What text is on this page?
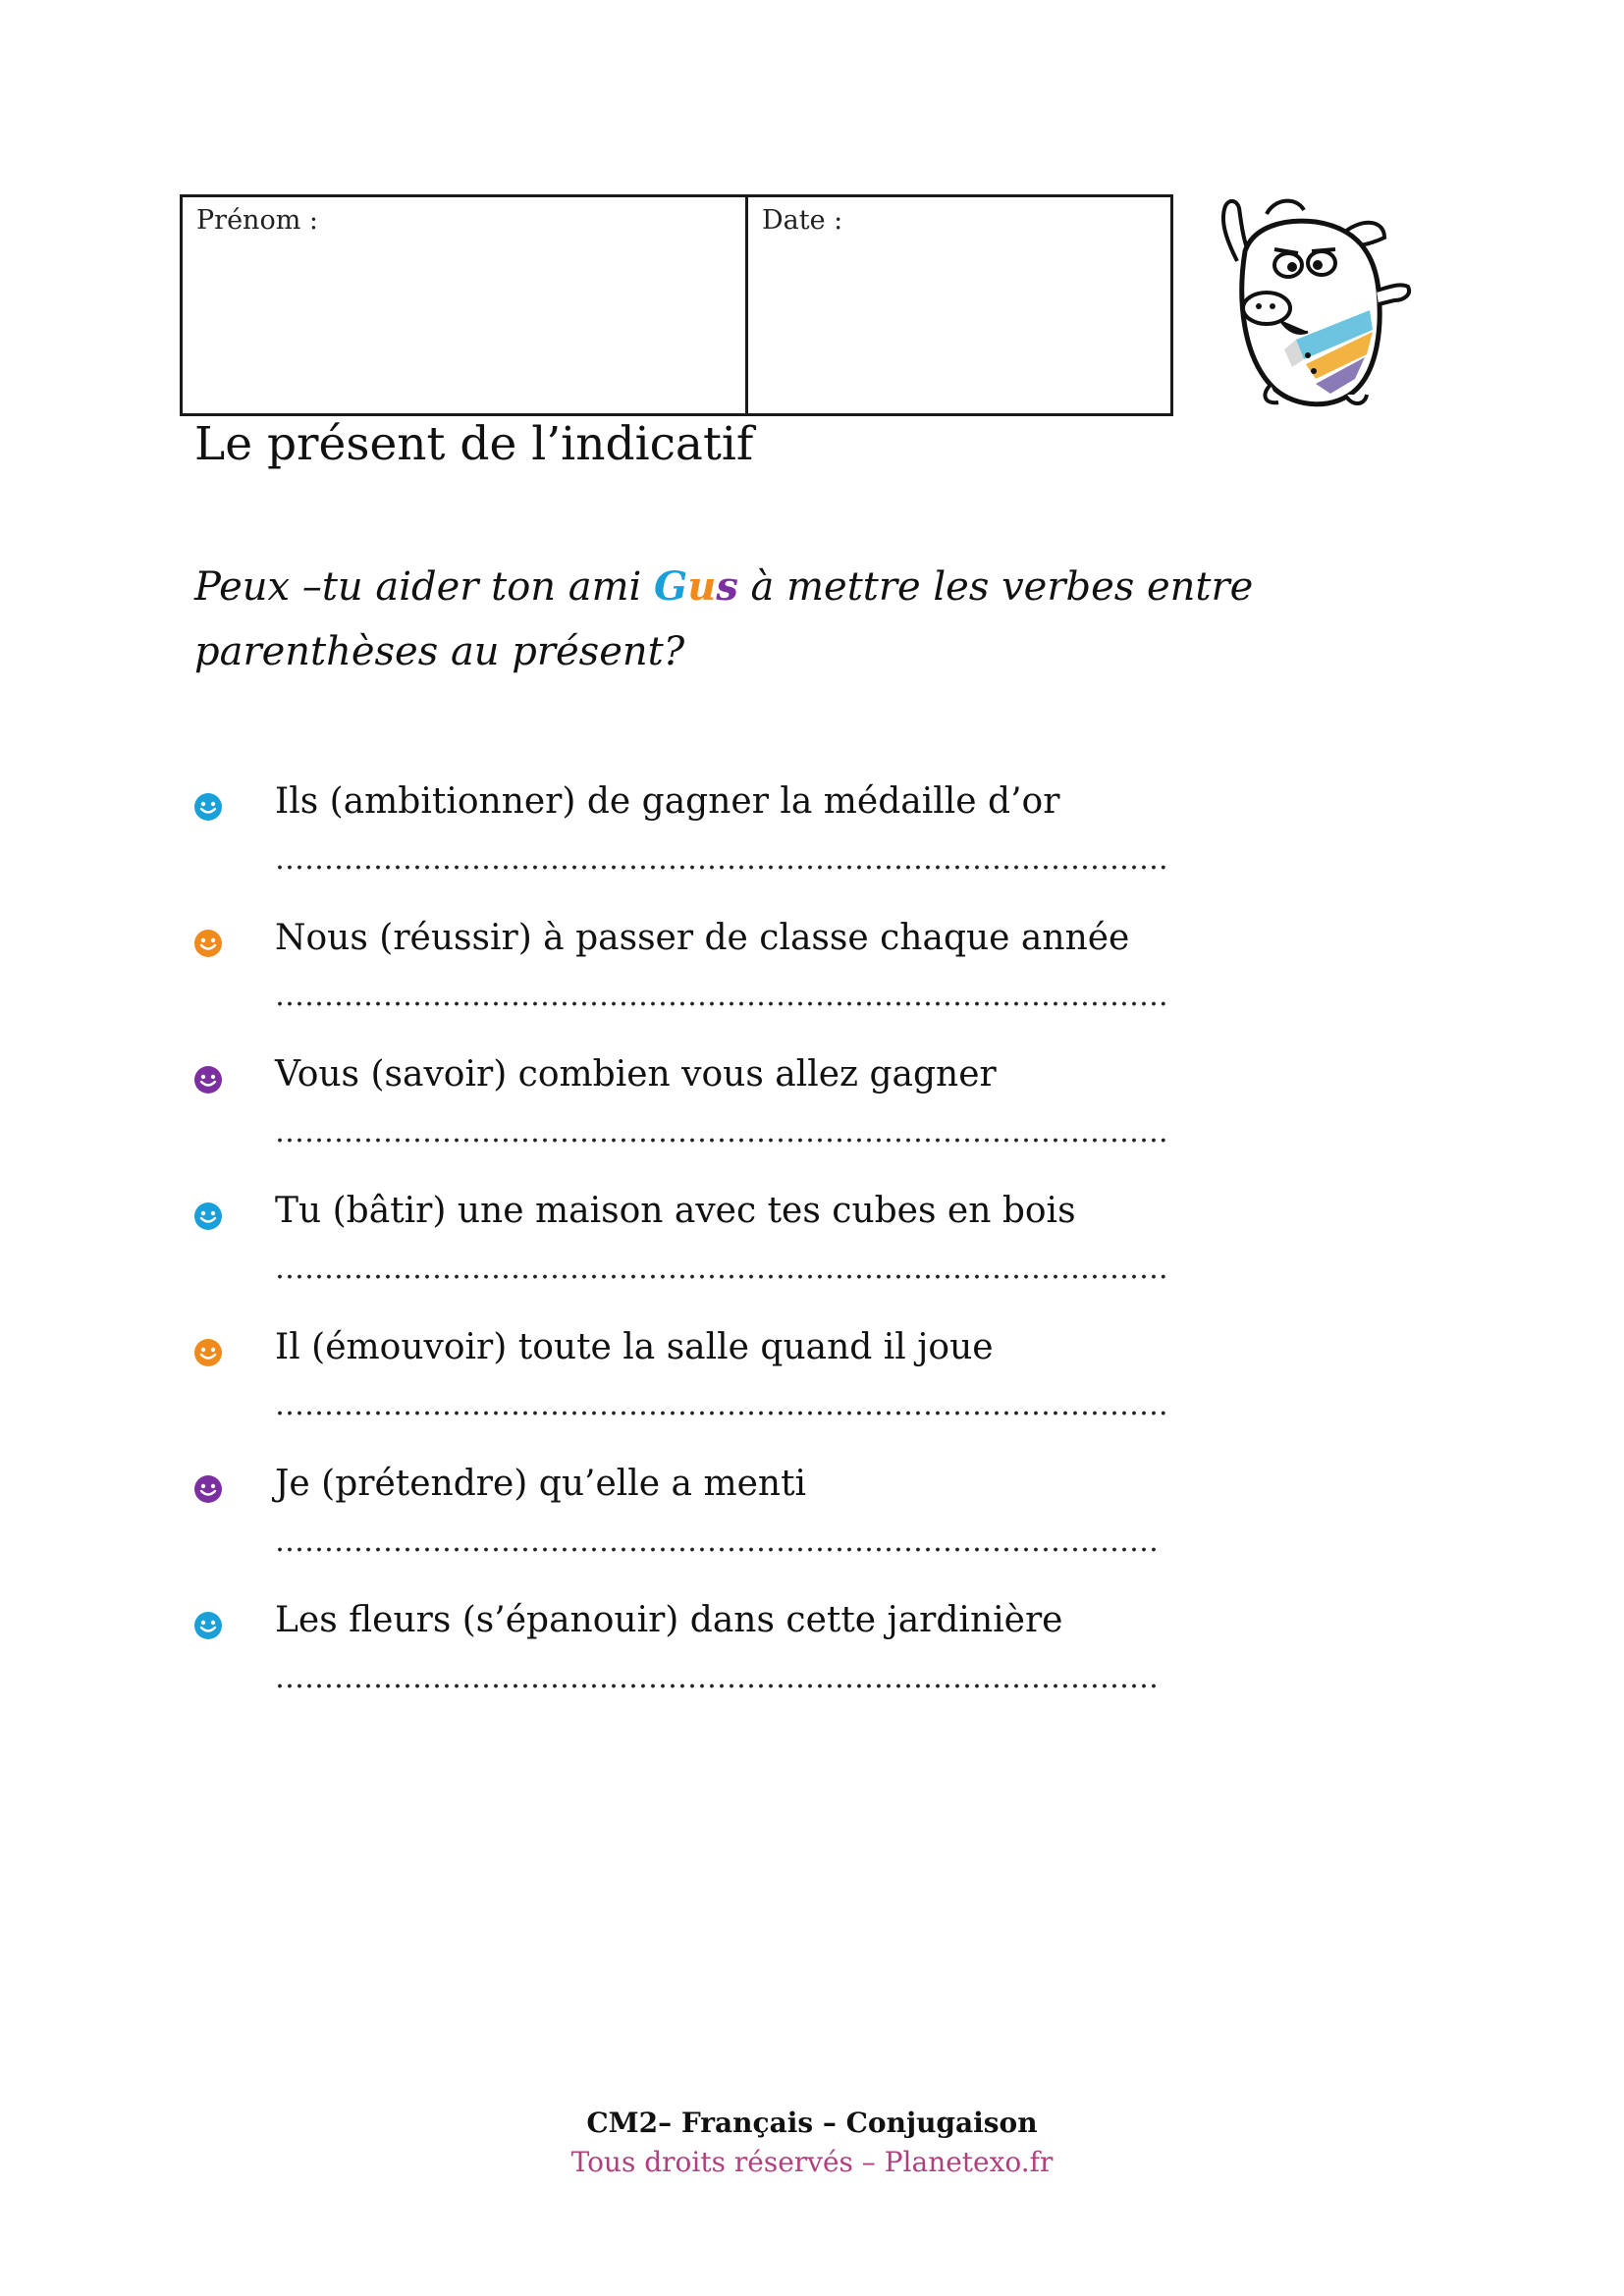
Prénom :	Date :
Le présent de l’indicatif
Peux –tu aider ton ami Gus à mettre les verbes entre parenthèses au présent?
Ils (ambitionner) de gagner la médaille d’or
……………………………………………………………………………….
Nous (réussir) à passer de classe chaque année
……………………………………………………………………………….
Vous (savoir) combien vous allez gagner
……………………………………………………………………………….
Tu (bâtir) une maison avec tes cubes en bois
……………………………………………………………………………….
Il (émouvoir) toute la salle quand il joue
……………………………………………………………………………….
Je (prétendre) qu’elle a menti
………………………………………………………………………………
Les fleurs (s’épanouir) dans cette jardinière
………………………………………………………………………………
CM2– Français – Conjugaison
Tous droits réservés – Planetexo.fr
